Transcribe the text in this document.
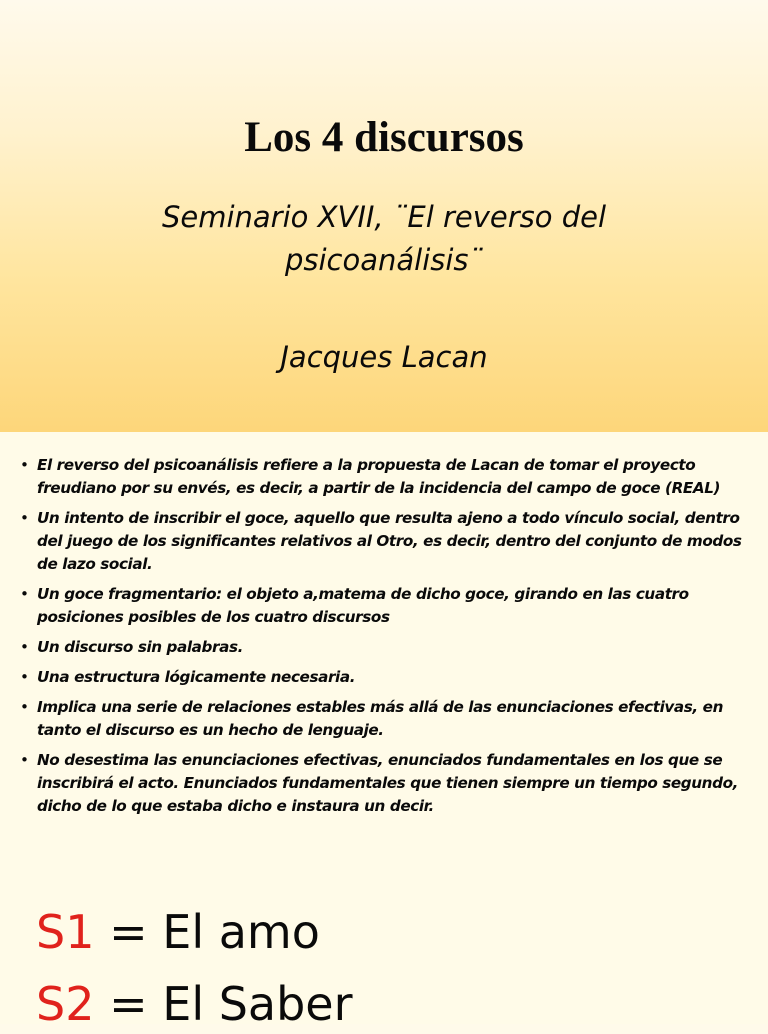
Los 4 discursos
Seminario XVII, ¨El reverso del psicoanálisis¨
Jacques Lacan
• El reverso del psicoanálisis refiere a la propuesta de Lacan de tomar el proyecto freudiano por su envés, es decir, a partir de la incidencia del campo de goce (REAL)
• Un intento de inscribir el goce, aquello que resulta ajeno a todo vínculo social, dentro del juego de los significantes relativos al Otro, es decir, dentro del conjunto de modos de lazo social.
• Un goce fragmentario: el objeto a,matema de dicho goce, girando en las cuatro posiciones posibles de los cuatro discursos
• Un discurso sin palabras.
• Una estructura lógicamente necesaria.
• Implica una serie de relaciones estables más allá de las enunciaciones efectivas, en tanto el discurso es un hecho de lenguaje.
• No desestima las enunciaciones efectivas, enunciados fundamentales en los que se inscribirá el acto. Enunciados fundamentales que tienen siempre un tiempo segundo, dicho de lo que estaba dicho e instaura un decir.
S1 = El amo
S2 = El Saber
